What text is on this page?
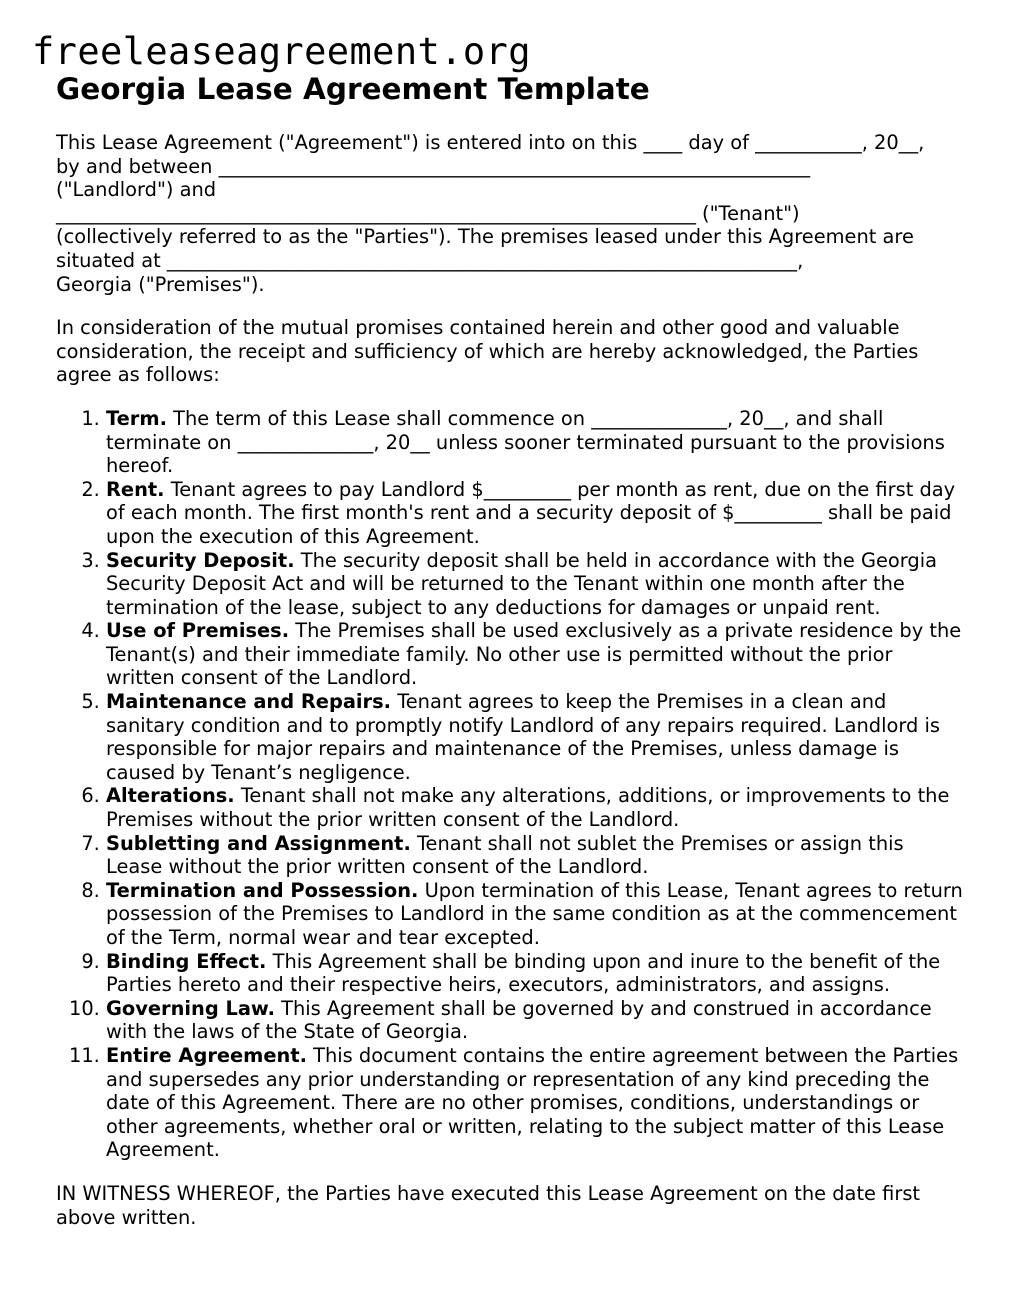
freeleaseagreement.org
Georgia Lease Agreement Template

This Lease Agreement ("Agreement") is entered into on this ____ day of ___________, 20__,
by and between _____________________________________________________________
("Landlord") and
__________________________________________________________________ ("Tenant")
(collectively referred to as the "Parties"). The premises leased under this Agreement are
situated at _________________________________________________________________,
Georgia ("Premises").

In consideration of the mutual promises contained herein and other good and valuable consideration, the receipt and sufficiency of which are hereby acknowledged, the Parties agree as follows:

1. Term. The term of this Lease shall commence on ______________, 20__, and shall terminate on ______________, 20__ unless sooner terminated pursuant to the provisions hereof.
2. Rent. Tenant agrees to pay Landlord $_________ per month as rent, due on the first day of each month. The first month's rent and a security deposit of $_________ shall be paid upon the execution of this Agreement.
3. Security Deposit. The security deposit shall be held in accordance with the Georgia Security Deposit Act and will be returned to the Tenant within one month after the termination of the lease, subject to any deductions for damages or unpaid rent.
4. Use of Premises. The Premises shall be used exclusively as a private residence by the Tenant(s) and their immediate family. No other use is permitted without the prior written consent of the Landlord.
5. Maintenance and Repairs. Tenant agrees to keep the Premises in a clean and sanitary condition and to promptly notify Landlord of any repairs required. Landlord is responsible for major repairs and maintenance of the Premises, unless damage is caused by Tenant’s negligence.
6. Alterations. Tenant shall not make any alterations, additions, or improvements to the Premises without the prior written consent of the Landlord.
7. Subletting and Assignment. Tenant shall not sublet the Premises or assign this Lease without the prior written consent of the Landlord.
8. Termination and Possession. Upon termination of this Lease, Tenant agrees to return possession of the Premises to Landlord in the same condition as at the commencement of the Term, normal wear and tear excepted.
9. Binding Effect. This Agreement shall be binding upon and inure to the benefit of the Parties hereto and their respective heirs, executors, administrators, and assigns.
10. Governing Law. This Agreement shall be governed by and construed in accordance with the laws of the State of Georgia.
11. Entire Agreement. This document contains the entire agreement between the Parties and supersedes any prior understanding or representation of any kind preceding the date of this Agreement. There are no other promises, conditions, understandings or other agreements, whether oral or written, relating to the subject matter of this Lease Agreement.

IN WITNESS WHEREOF, the Parties have executed this Lease Agreement on the date first above written.
